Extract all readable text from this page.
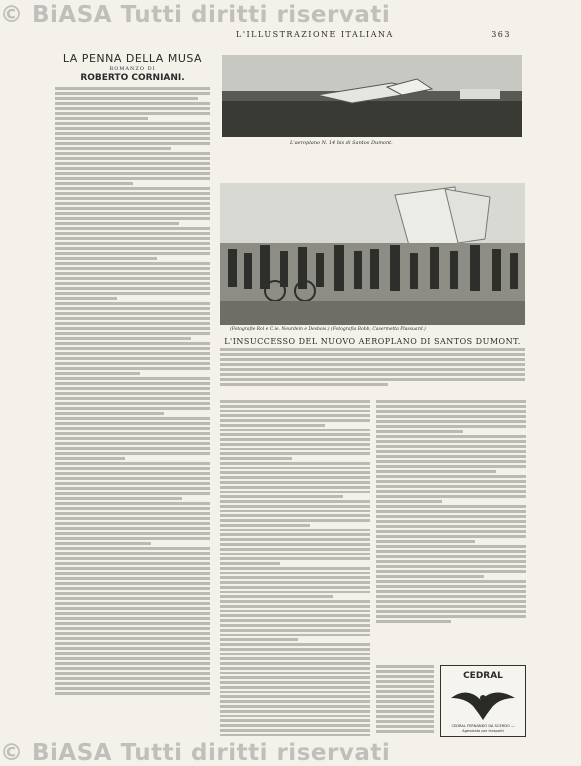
© BiASA Tutti diritti riservati
© BiASA Tutti diritti riservati
L'ILLUSTRAZIONE ITALIANA	363
LA PENNA DELLA MUSA
ROMANZO DI
ROBERTO CORNIANI.
L'aeroplano N. 14 bis di Santos Dumont.
(Fotografie Rol e C.ie. Neurdein e Desbois.) (Fotografia Bobb, Casermetta Plassuard.)
L'INSUCCESSO DEL NUOVO AEROPLANO DI SANTOS DUMONT.
CEDRAL
CEDRAL FERNANDO DA SCERDO — Agevolato per trasporti
